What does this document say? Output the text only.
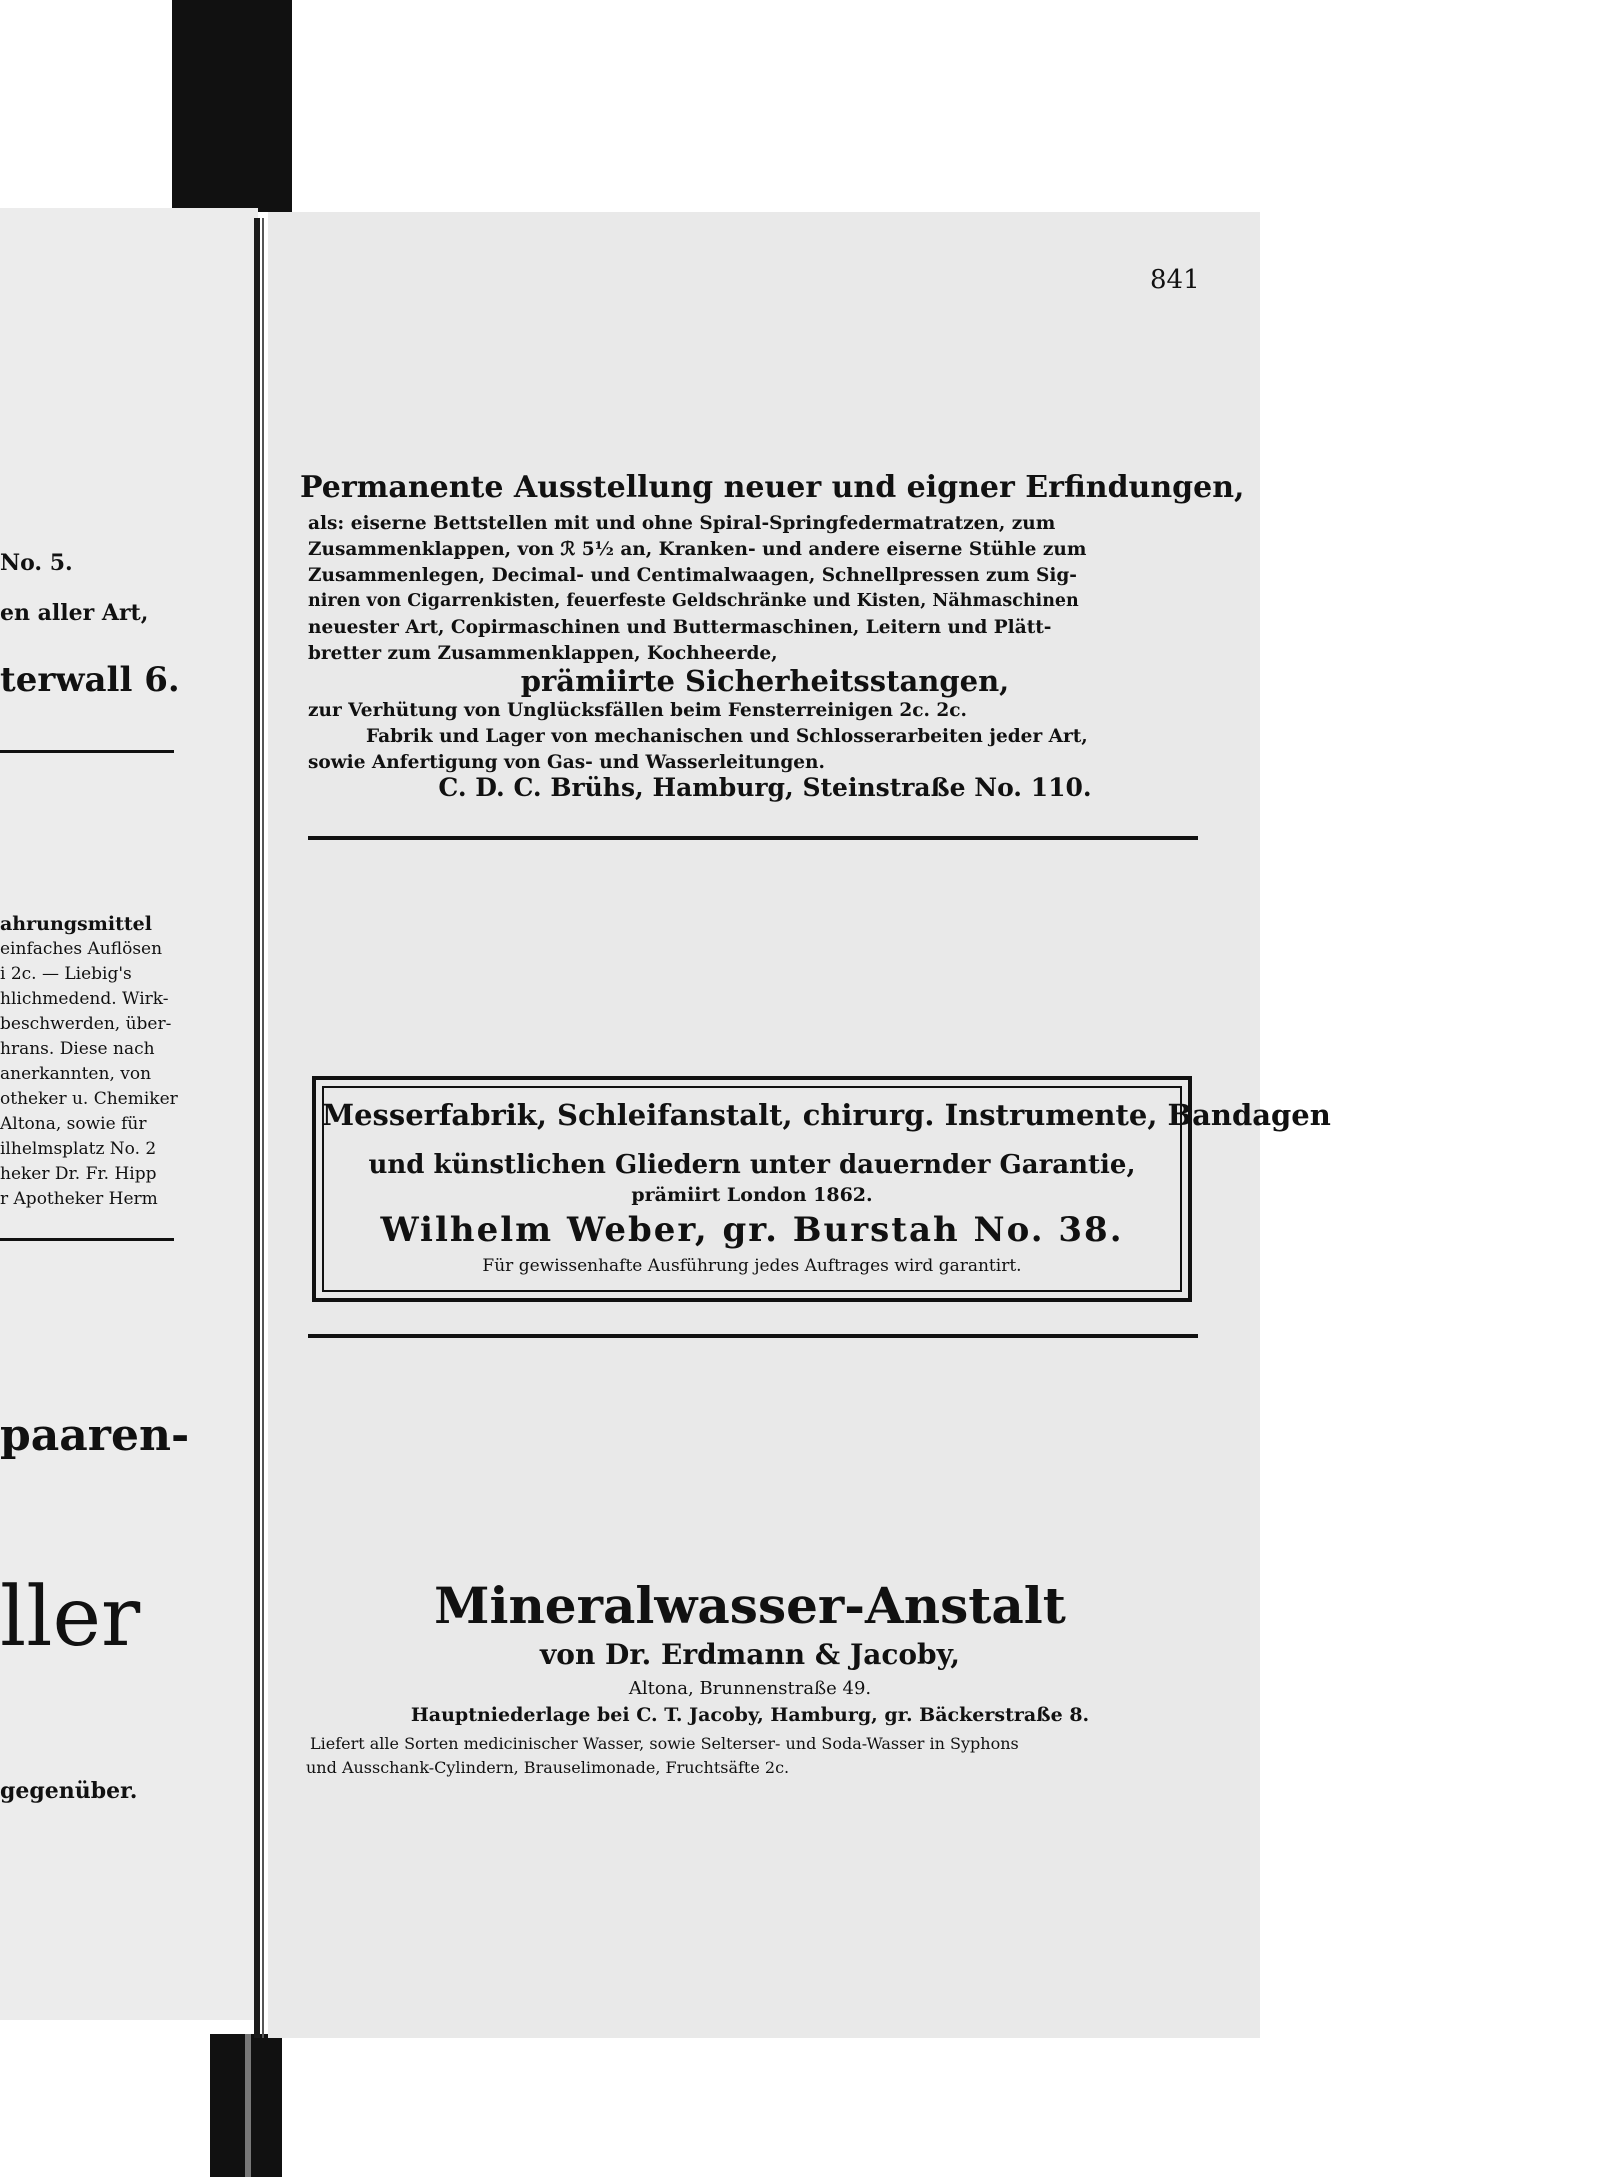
No. 5.
en aller Art,
terwall 6.
ahrungsmittel
einfaches Auflösen
i 2c. — Liebig's
hlichmedend. Wirk-
beschwerden, über-
hrans. Diese nach
anerkannten, von
otheker u. Chemiker
Altona, sowie für
ilhelmsplatz No. 2
heker Dr. Fr. Hipp
r Apotheker Herm
paaren-
ller
gegenüber.
841
Permanente Ausstellung neuer und eigner Erfindungen,
als: eiserne Bettstellen mit und ohne Spiral-Springfedermatratzen, zum
Zusammenklappen, von ℛ 5½ an, Kranken- und andere eiserne Stühle zum
Zusammenlegen, Decimal- und Centimalwaagen, Schnellpressen zum Sig-
niren von Cigarrenkisten, feuerfeste Geldschränke und Kisten, Nähmaschinen
neuester Art, Copirmaschinen und Buttermaschinen, Leitern und Plätt-
bretter zum Zusammenklappen, Kochheerde,
prämiirte Sicherheitsstangen,
zur Verhütung von Unglücksfällen beim Fensterreinigen 2c. 2c.
Fabrik und Lager von mechanischen und Schlosserarbeiten jeder Art,
sowie Anfertigung von Gas- und Wasserleitungen.
C. D. C. Brühs, Hamburg, Steinstraße No. 110.
Messerfabrik, Schleifanstalt, chirurg. Instrumente, Bandagen
und künstlichen Gliedern unter dauernder Garantie,
prämiirt London 1862.
Wilhelm Weber, gr. Burstah No. 38.
Für gewissenhafte Ausführung jedes Auftrages wird garantirt.
Mineralwasser-Anstalt
von Dr. Erdmann & Jacoby,
Altona, Brunnenstraße 49.
Hauptniederlage bei C. T. Jacoby, Hamburg, gr. Bäckerstraße 8.
Liefert alle Sorten medicinischer Wasser, sowie Selterser- und Soda-Wasser in Syphons
und Ausschank-Cylindern, Brauselimonade, Fruchtsäfte 2c.
